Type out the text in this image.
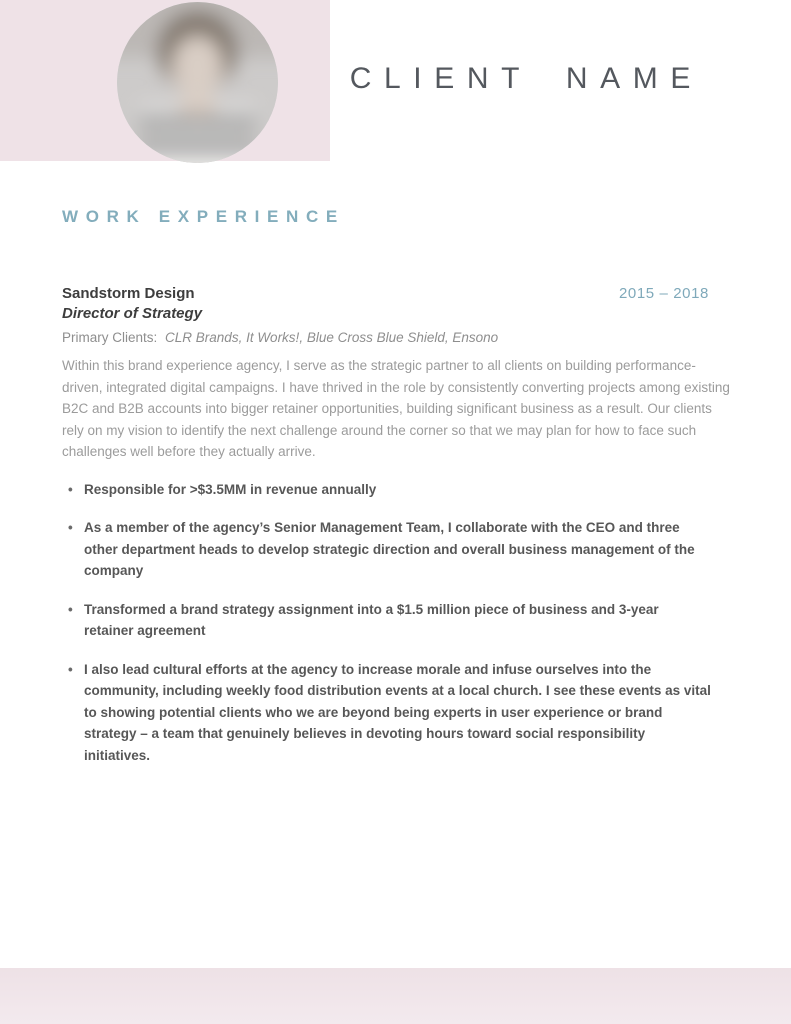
CLIENT NAME
WORK EXPERIENCE
Sandstorm Design	2015 – 2018

Director of Strategy

Primary Clients: CLR Brands, It Works!, Blue Cross Blue Shield, Ensono

Within this brand experience agency, I serve as the strategic partner to all clients on building performance-driven, integrated digital campaigns. I have thrived in the role by consistently converting projects among existing B2C and B2B accounts into bigger retainer opportunities, building significant business as a result. Our clients rely on my vision to identify the next challenge around the corner so that we may plan for how to face such challenges well before they actually arrive.

• Responsible for >$3.5MM in revenue annually
• As a member of the agency’s Senior Management Team, I collaborate with the CEO and three other department heads to develop strategic direction and overall business management of the company
• Transformed a brand strategy assignment into a $1.5 million piece of business and 3-year retainer agreement
• I also lead cultural efforts at the agency to increase morale and infuse ourselves into the community, including weekly food distribution events at a local church. I see these events as vital to showing potential clients who we are beyond being experts in user experience or brand strategy – a team that genuinely believes in devoting hours toward social responsibility initiatives.
